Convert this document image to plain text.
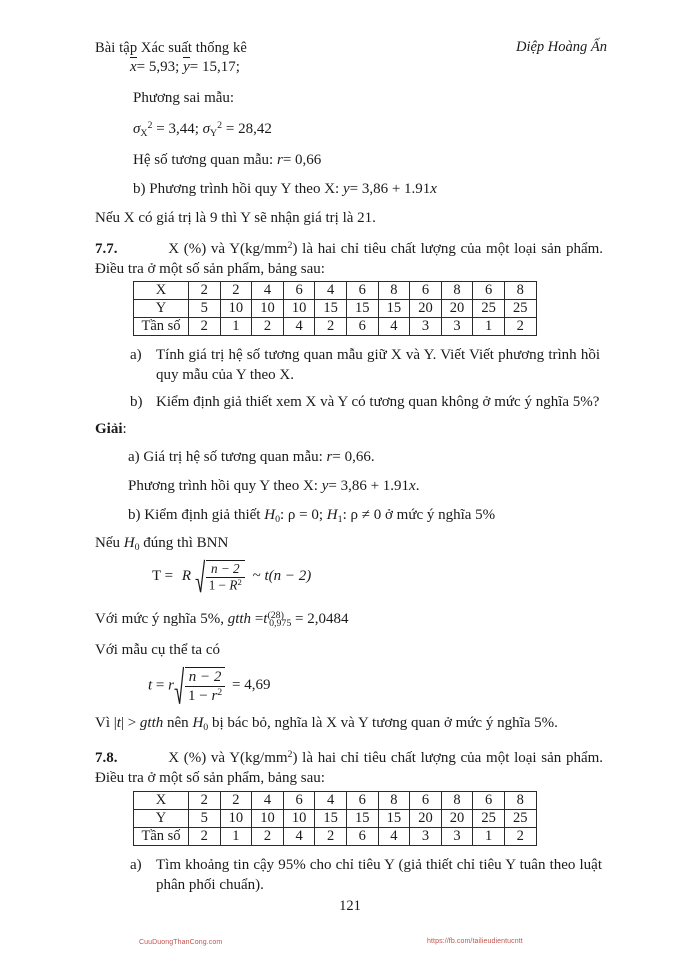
Bài tập Xác suất thống kê	Diệp Hoàng Ấn
x= 5,93; y= 15,17;
Phương sai mẫu:
$\sigma_X^2 = 3,44$; $\sigma_Y^2 = 28,42$
Hệ số tương quan mẫu: r= 0,66
b) Phương trình hồi quy Y theo X: y= 3,86 + 1.91x
Nếu X có giá trị là 9 thì Y sẽ nhận giá trị là 21.
7.7.	X (%) và $Y(kg/mm^2)$ là hai chỉ tiêu chất lượng của một loại sản phẩm. Điều tra ở một số sản phẩm, bảng sau:
X	2	2	4	6	4	6	8	6	8	6	8
Y	5	10	10	10	15	15	15	20	20	25	25
Tần số	2	1	2	4	2	6	4	3	3	1	2
a) Tính giá trị hệ số tương quan mẫu giữ X và Y. Viết Viết phương trình hồi quy mẫu của Y theo X.
b) Kiểm định giả thiết xem X và Y có tương quan không ở mức ý nghĩa 5%?
Giải:
a) Giá trị hệ số tương quan mẫu: r= 0,66.
Phương trình hồi quy Y theo X: y= 3,86 + 1.91x.
b) Kiểm định giả thiết $H_0$: ρ = 0; $H_1$: ρ ≠ 0 ở mức ý nghĩa 5%
Nếu $H_0$ đúng thì BNN
T = R $\frac{n - 2}{1 - R^2}$ ~ t(n − 2)
Với mức ý nghĩa 5%, gtth $=t^{(28)}_{0,975} = 2,0484$
Với mẫu cụ thể ta có
t = r $\frac{n - 2}{1 - r^2} = 4,69$
Vì |t| > gtth nên $H_0$ bị bác bỏ, nghĩa là X và Y tương quan ở mức ý nghĩa 5%.
7.8.	X (%) và $Y(kg/mm^2)$ là hai chỉ tiêu chất lượng của một loại sản phẩm. Điều tra ở một số sản phẩm, bảng sau:
X	2	2	4	6	4	6	8	6	8	6	8
Y	5	10	10	10	15	15	15	20	20	25	25
Tần số	2	1	2	4	2	6	4	3	3	1	2
a) Tìm khoảng tin cậy 95% cho chỉ tiêu Y (giả thiết chỉ tiêu Y tuân theo luật phân phối chuẩn).
121
CuuDuongThanCong.com	https://fb.com/tailieudientucntt
